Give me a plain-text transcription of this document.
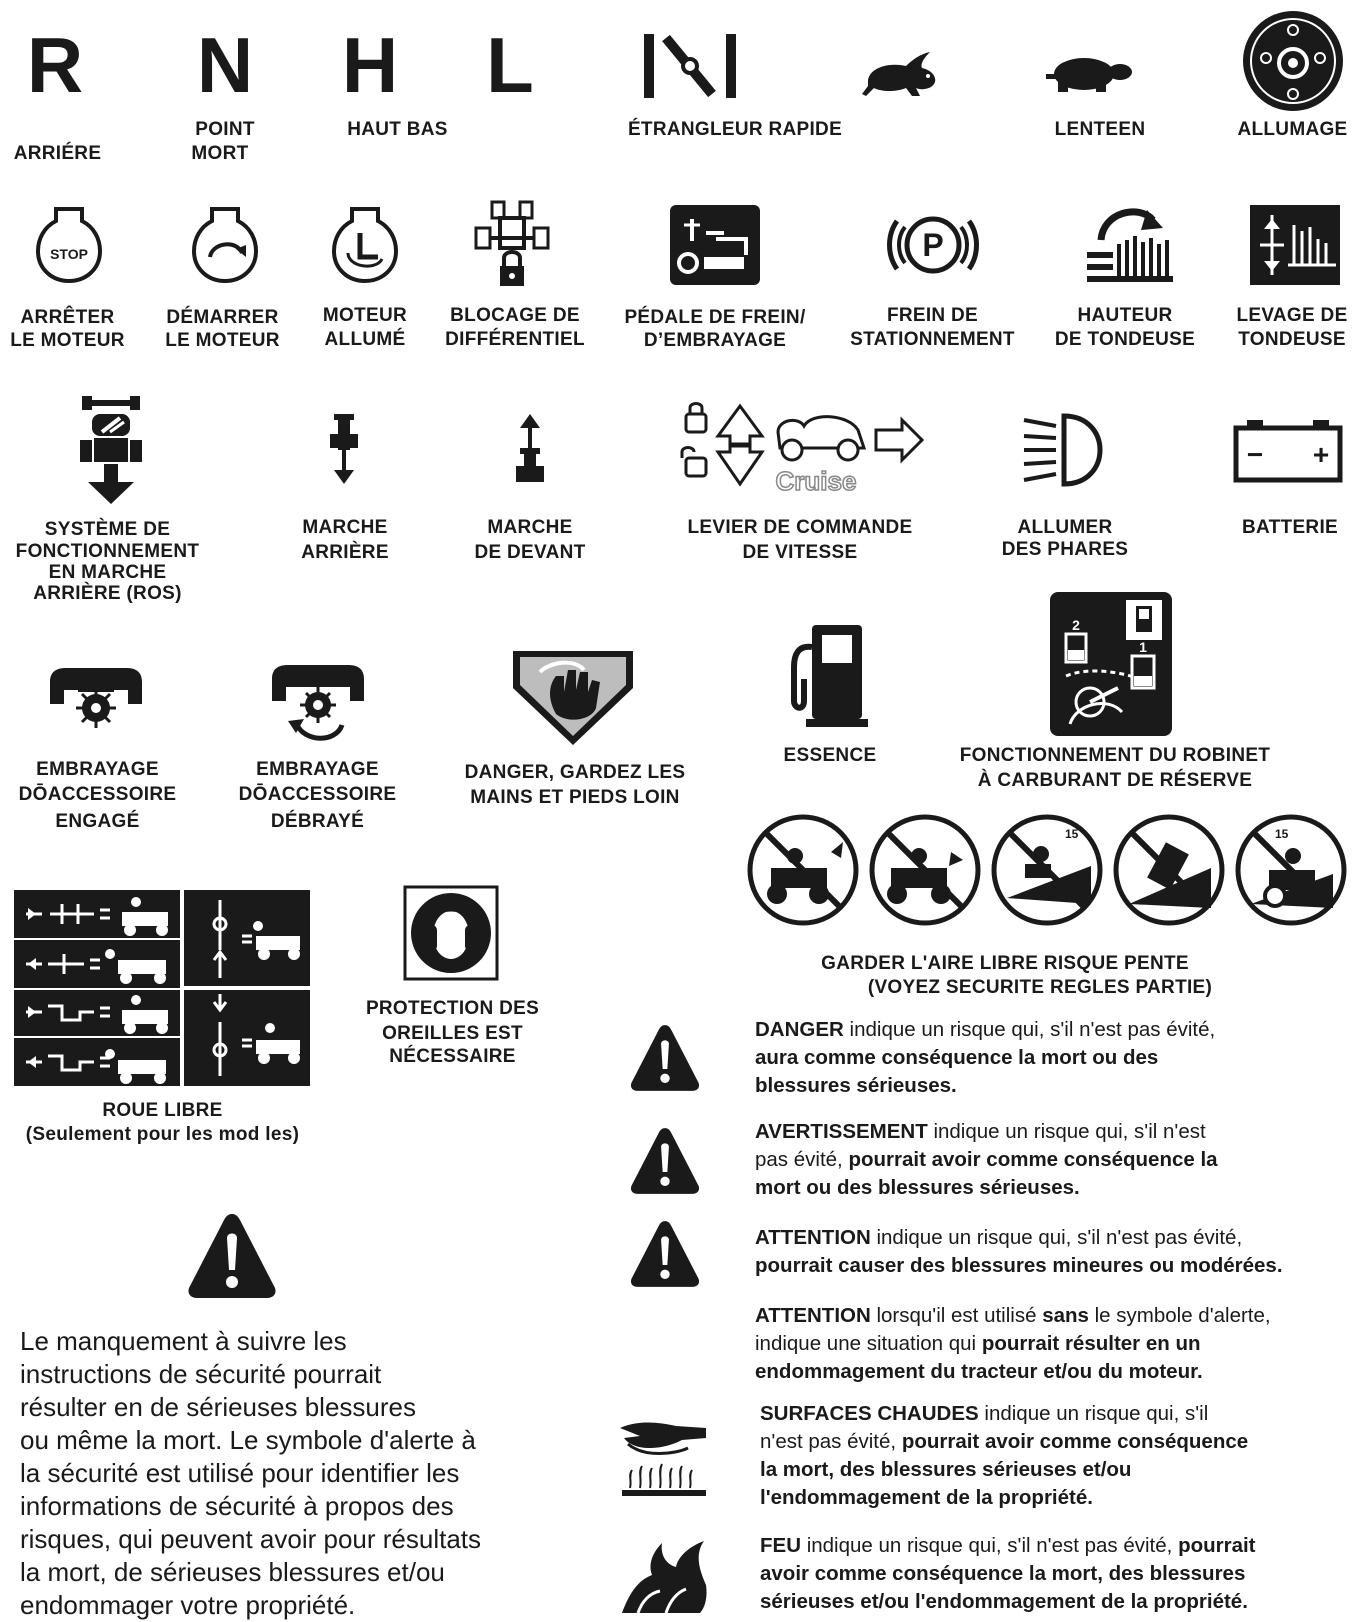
R N H L
ARRIÉRE
POINT
MORT
HAUT BAS	ÉTRANGLEUR RAPIDE	LENTEEN	ALLUMAGE
STOP	P
ARRÊTER
LE MOTEUR
DÉMARRER
LE MOTEUR
MOTEUR
ALLUMÉ
BLOCAGE DE
DIFFÉRENTIEL
PÉDALE DE FREIN/
D’EMBRAYAGE
FREIN DE
STATIONNEMENT
HAUTEUR
DE TONDEUSE
LEVAGE DE
TONDEUSE
Cruise
− +
SYSTÈME DE
FONCTIONNEMENT
EN MARCHE
ARRIÈRE (ROS)
MARCHE
ARRIÈRE
MARCHE
DE DEVANT
LEVIER DE COMMANDE
DE VITESSE
ALLUMER
DES PHARES
BATTERIE
2
1
EMBRAYAGE
DŌACCESSOIRE
ENGAGÉ
EMBRAYAGE
DŌACCESSOIRE
DÉBRAYÉ
DANGER, GARDEZ LES
MAINS ET PIEDS LOIN
ESSENCE	FONCTIONNEMENT DU ROBINET
À CARBURANT DE RÉSERVE
ROUE LIBRE
(Seulement pour les mod les)
PROTECTION DES
OREILLES EST
NÉCESSAIRE
15	15
GARDER L'AIRE LIBRE RISQUE PENTE
(VOYEZ SECURITE REGLES PARTIE)
Le manquement à suivre les
instructions de sécurité pourrait
résulter en de sérieuses blessures
ou même la mort. Le symbole d'alerte à
la sécurité est utilisé pour identifier les
informations de sécurité à propos des
risques, qui peuvent avoir pour résultats
la mort, de sérieuses blessures et/ou
endommager votre propriété.
DANGER indique un risque qui, s'il n'est pas évité,
aura comme conséquence la mort ou des
blessures sérieuses.
AVERTISSEMENT indique un risque qui, s'il n'est
pas évité, pourrait avoir comme conséquence la
mort ou des blessures sérieuses.
ATTENTION indique un risque qui, s'il n'est pas évité,
pourrait causer des blessures mineures ou modérées.
ATTENTION lorsqu'il est utilisé sans le symbole d'alerte,
indique une situation qui pourrait résulter en un
endommagement du tracteur et/ou du moteur.
SURFACES CHAUDES indique un risque qui, s'il
n'est pas évité, pourrait avoir comme conséquence
la mort, des blessures sérieuses et/ou
l'endommagement de la propriété.
FEU indique un risque qui, s'il n'est pas évité, pourrait
avoir comme conséquence la mort, des blessures
sérieuses et/ou l'endommagement de la propriété.
